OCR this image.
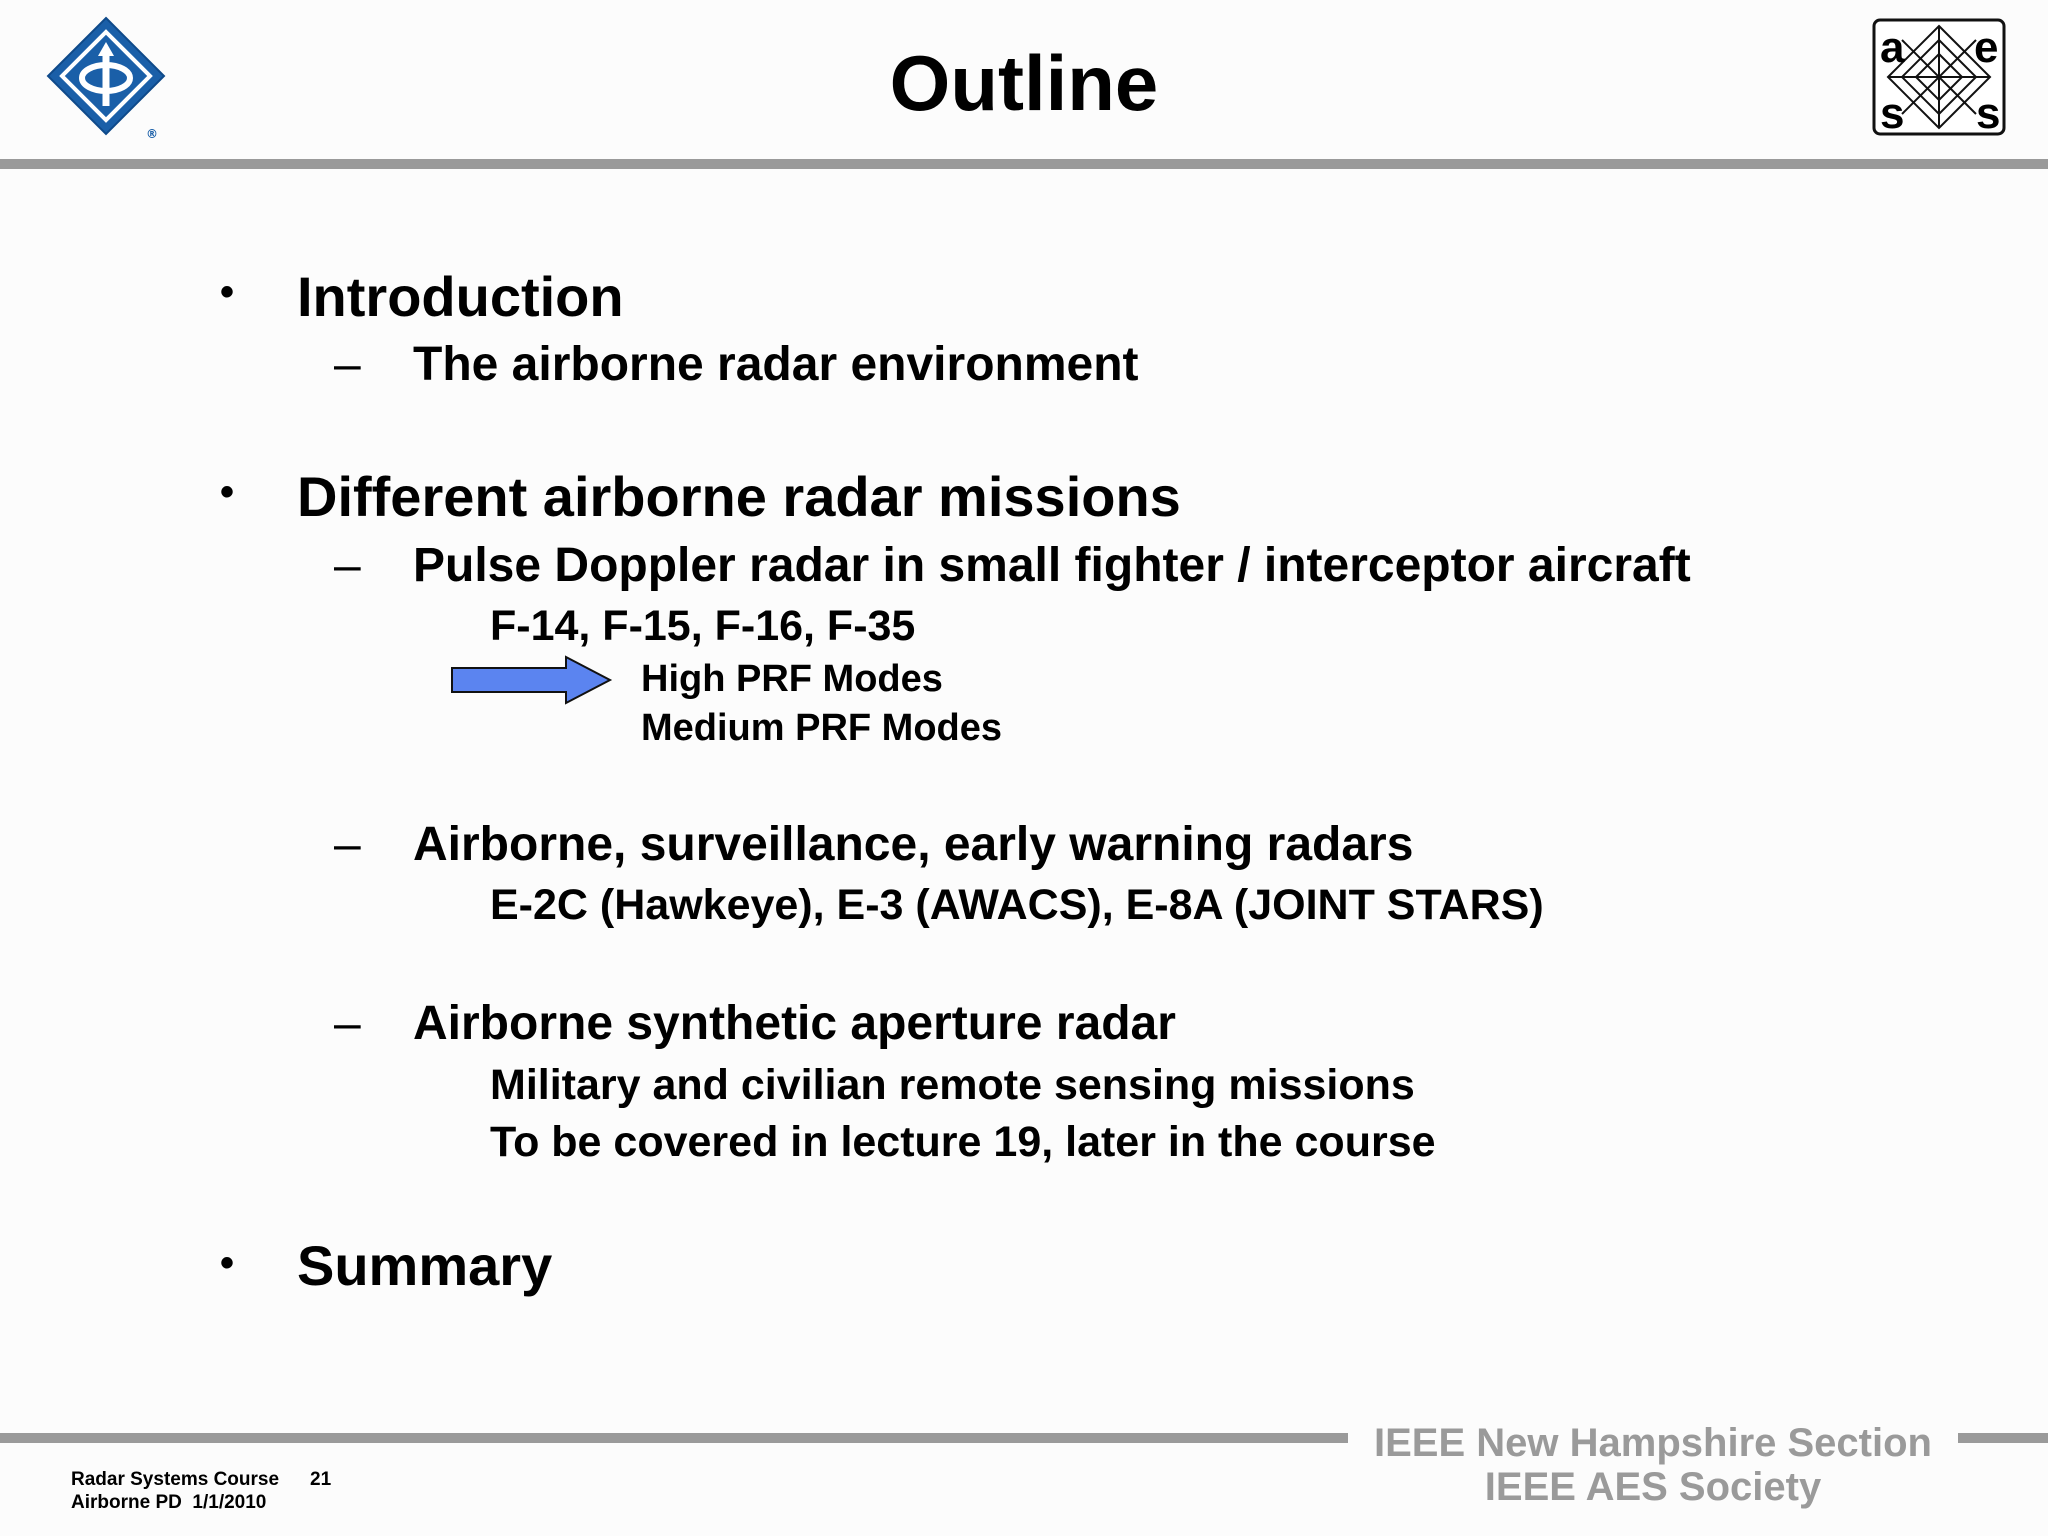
®
Outline	a e
s s
• Introduction
– The airborne radar environment
• Different airborne radar missions
– Pulse Doppler radar in small fighter / interceptor aircraft
F-14, F-15, F-16, F-35
High PRF Modes
Medium PRF Modes
– Airborne, surveillance, early warning radars
E-2C (Hawkeye), E-3 (AWACS), E-8A (JOINT STARS)
– Airborne synthetic aperture radar
Military and civilian remote sensing missions
To be covered in lecture 19, later in the course
• Summary
IEEE New Hampshire Section
IEEE AES Society
Radar Systems Course 21
Airborne PD  1/1/2010
